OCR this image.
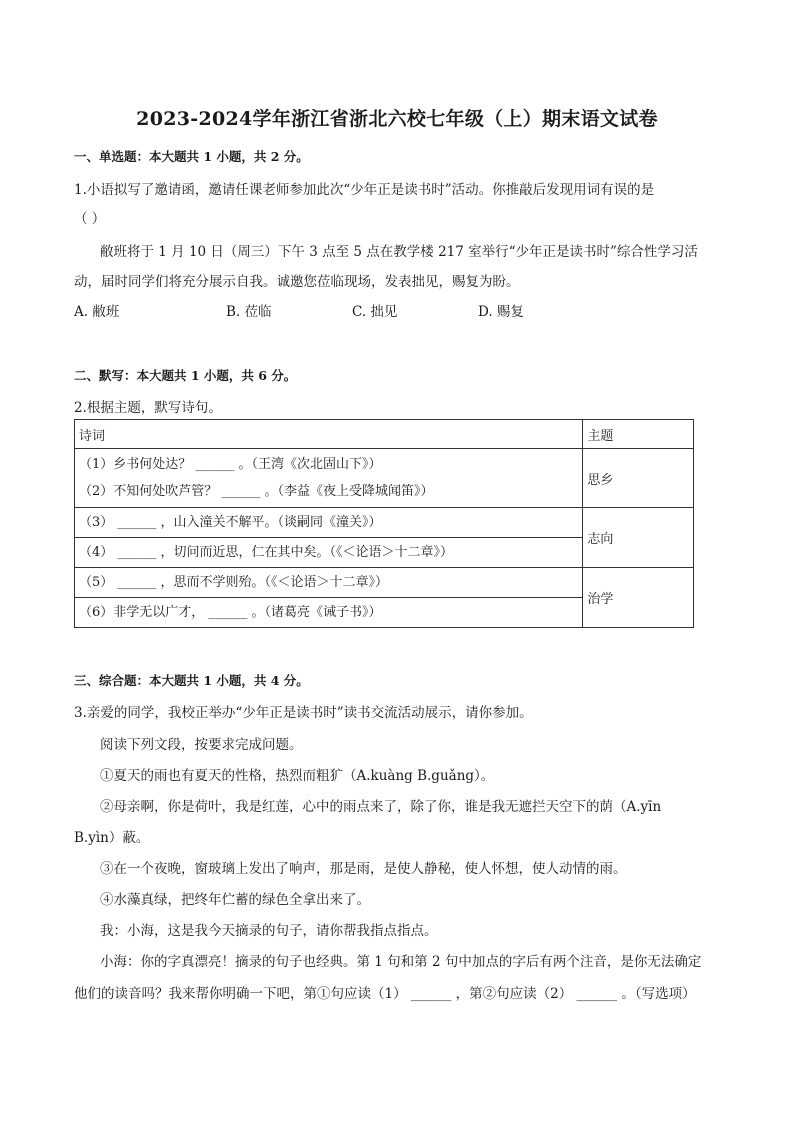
2023-2024学年浙江省浙北六校七年级（上）期末语文试卷
一、单选题：本大题共 1 小题，共 2 分。
1.小语拟写了邀请函，邀请任课老师参加此次“少年正是读书时”活动。你推敲后发现用词有误的是
（ ）
敝班将于 1 月 10 日（周三）下午 3 点至 5 点在教学楼 217 室举行“少年正是读书时”综合性学习活
动，届时同学们将充分展示自我。诚邀您莅临现场，发表拙见，赐复为盼。
A. 敝班	B. 莅临	C. 拙见	D. 赐复
二、默写：本大题共 1 小题，共 6 分。
2.根据主题，默写诗句。
诗词	主题

（1）乡书何处达？ ______ 。（王湾《次北固山下》）
（2）不知何处吹芦管？ ______ 。（李益《夜上受降城闻笛》）	思乡

（3） ______ ，山入潼关不解平。（谈嗣同《潼关》）	志向

（4） ______ ，切问而近思，仁在其中矣。（《＜论语＞十二章》）	

（5） ______ ，思而不学则殆。（《＜论语＞十二章》）	治学

（6）非学无以广才， ______ 。（诸葛亮《诫子书》）	
三、综合题：本大题共 1 小题，共 4 分。
3.亲爱的同学，我校正举办“少年正是读书时”读书交流活动展示，请你参加。
阅读下列文段，按要求完成问题。
①夏天的雨也有夏天的性格，热烈而粗犷（A.kuàng B.guǎng）。
②母亲啊，你是荷叶，我是红莲，心中的雨点来了，除了你，谁是我无遮拦天空下的荫（A.yīn
B.yìn）蔽。
③在一个夜晚，窗玻璃上发出了响声，那是雨，是使人静秘，使人怀想，使人动情的雨。
④水藻真绿，把终年伫蓄的绿色全拿出来了。
我：小海，这是我今天摘录的句子，请你帮我指点指点。
小海：你的字真漂亮！摘录的句子也经典。第 1 句和第 2 句中加点的字后有两个注音，是你无法确定
他们的读音吗？我来帮你明确一下吧，第①句应读（1） ______ ，第②句应读（2） ______ 。（写选项）
